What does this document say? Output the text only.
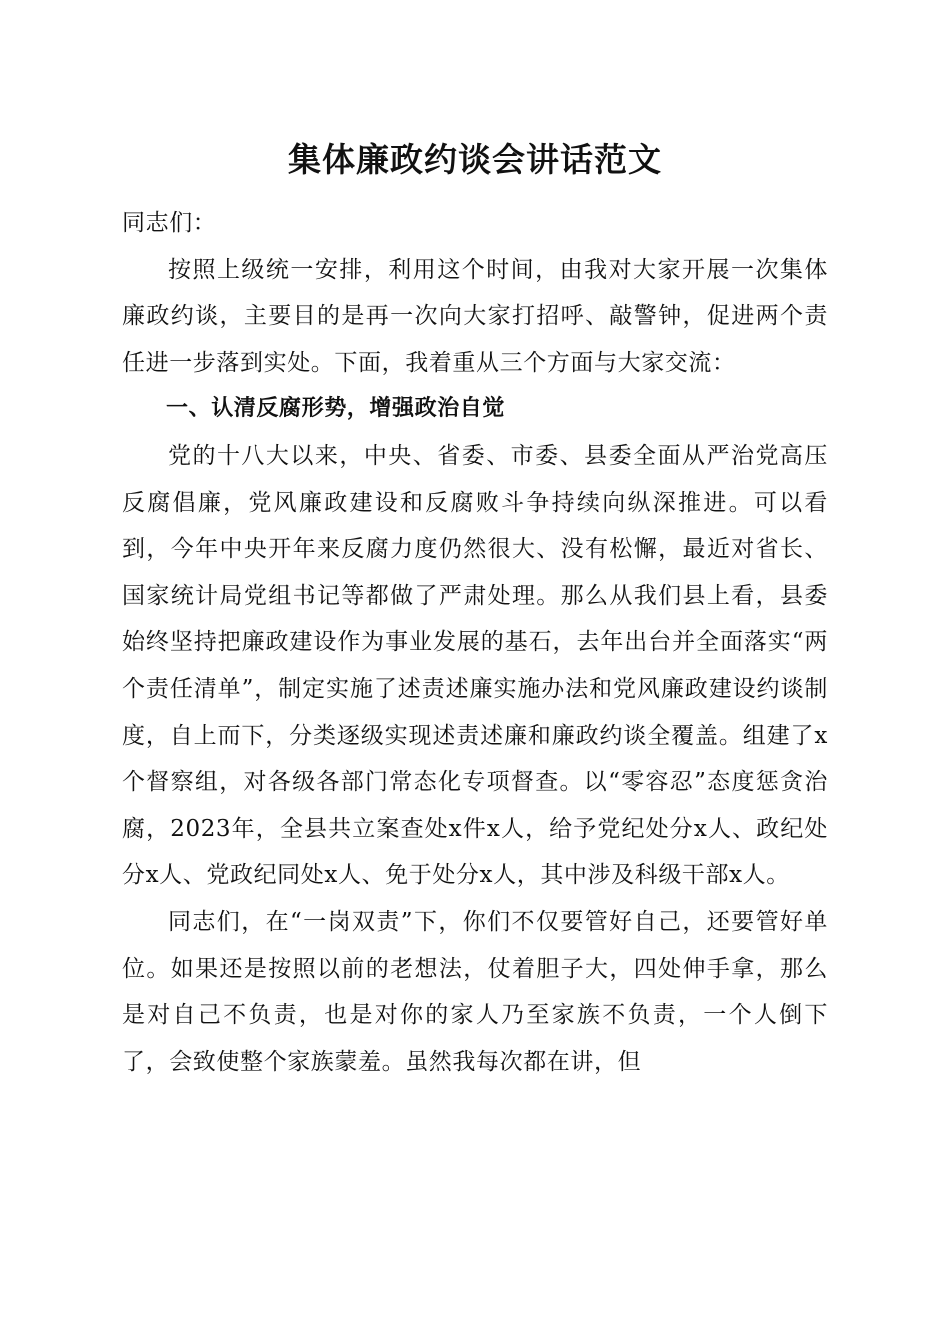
集体廉政约谈会讲话范文

同志们：

按照上级统一安排，利用这个时间，由我对大家开展一次集体廉政约谈，主要目的是再一次向大家打招呼、敲警钟，促进两个责任进一步落到实处。下面，我着重从三个方面与大家交流：

一、认清反腐形势，增强政治自觉

党的十八大以来，中央、省委、市委、县委全面从严治党高压反腐倡廉，党风廉政建设和反腐败斗争持续向纵深推进。可以看到，今年中央开年来反腐力度仍然很大、没有松懈，最近对省长、国家统计局党组书记等都做了严肃处理。那么从我们县上看，县委始终坚持把廉政建设作为事业发展的基石，去年出台并全面落实“两个责任清单”，制定实施了述责述廉实施办法和党风廉政建设约谈制度，自上而下，分类逐级实现述责述廉和廉政约谈全覆盖。组建了x个督察组，对各级各部门常态化专项督查。以“零容忍”态度惩贪治腐，2023年，全县共立案查处x件x人，给予党纪处分x人、政纪处分x人、党政纪同处x人、免于处分x人，其中涉及科级干部x人。

同志们，在“一岗双责”下，你们不仅要管好自己，还要管好单位。如果还是按照以前的老想法，仗着胆子大，四处伸手拿，那么是对自己不负责，也是对你的家人乃至家族不负责，一个人倒下了，会致使整个家族蒙羞。虽然我每次都在讲，但
